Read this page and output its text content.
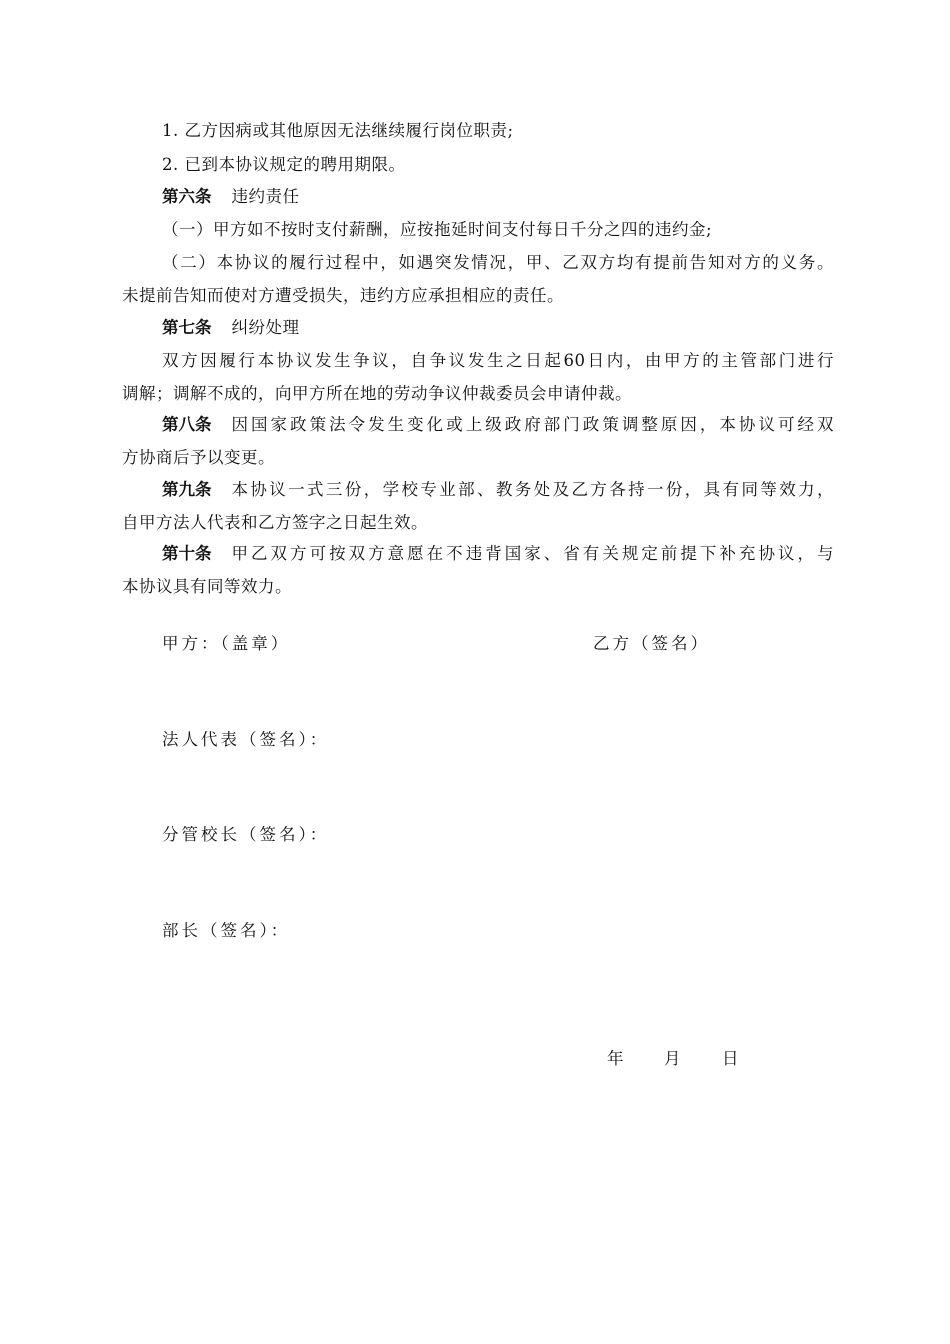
1. 乙方因病或其他原因无法继续履行岗位职责;
2. 已到本协议规定的聘用期限。
第六条 违约责任
（一）甲方如不按时支付薪酬，应按拖延时间支付每日千分之四的违约金;
（二）本协议的履行过程中，如遇突发情况，甲、乙双方均有提前告知对方的义务。
未提前告知而使对方遭受损失，违约方应承担相应的责任。
第七条 纠纷处理
双方因履行本协议发生争议，自争议发生之日起60日内，由甲方的主管部门进行
调解；调解不成的，向甲方所在地的劳动争议仲裁委员会申请仲裁。
第八条 因国家政策法令发生变化或上级政府部门政策调整原因，本协议可经双
方协商后予以变更。
第九条 本协议一式三份，学校专业部、教务处及乙方各持一份，具有同等效力，
自甲方法人代表和乙方签字之日起生效。
第十条 甲乙双方可按双方意愿在不违背国家、省有关规定前提下补充协议，与
本协议具有同等效力。
甲方：（盖章）	乙方（签名）
法人代表（签名）：
分管校长（签名）：
部长（签名）：
年 月 日
